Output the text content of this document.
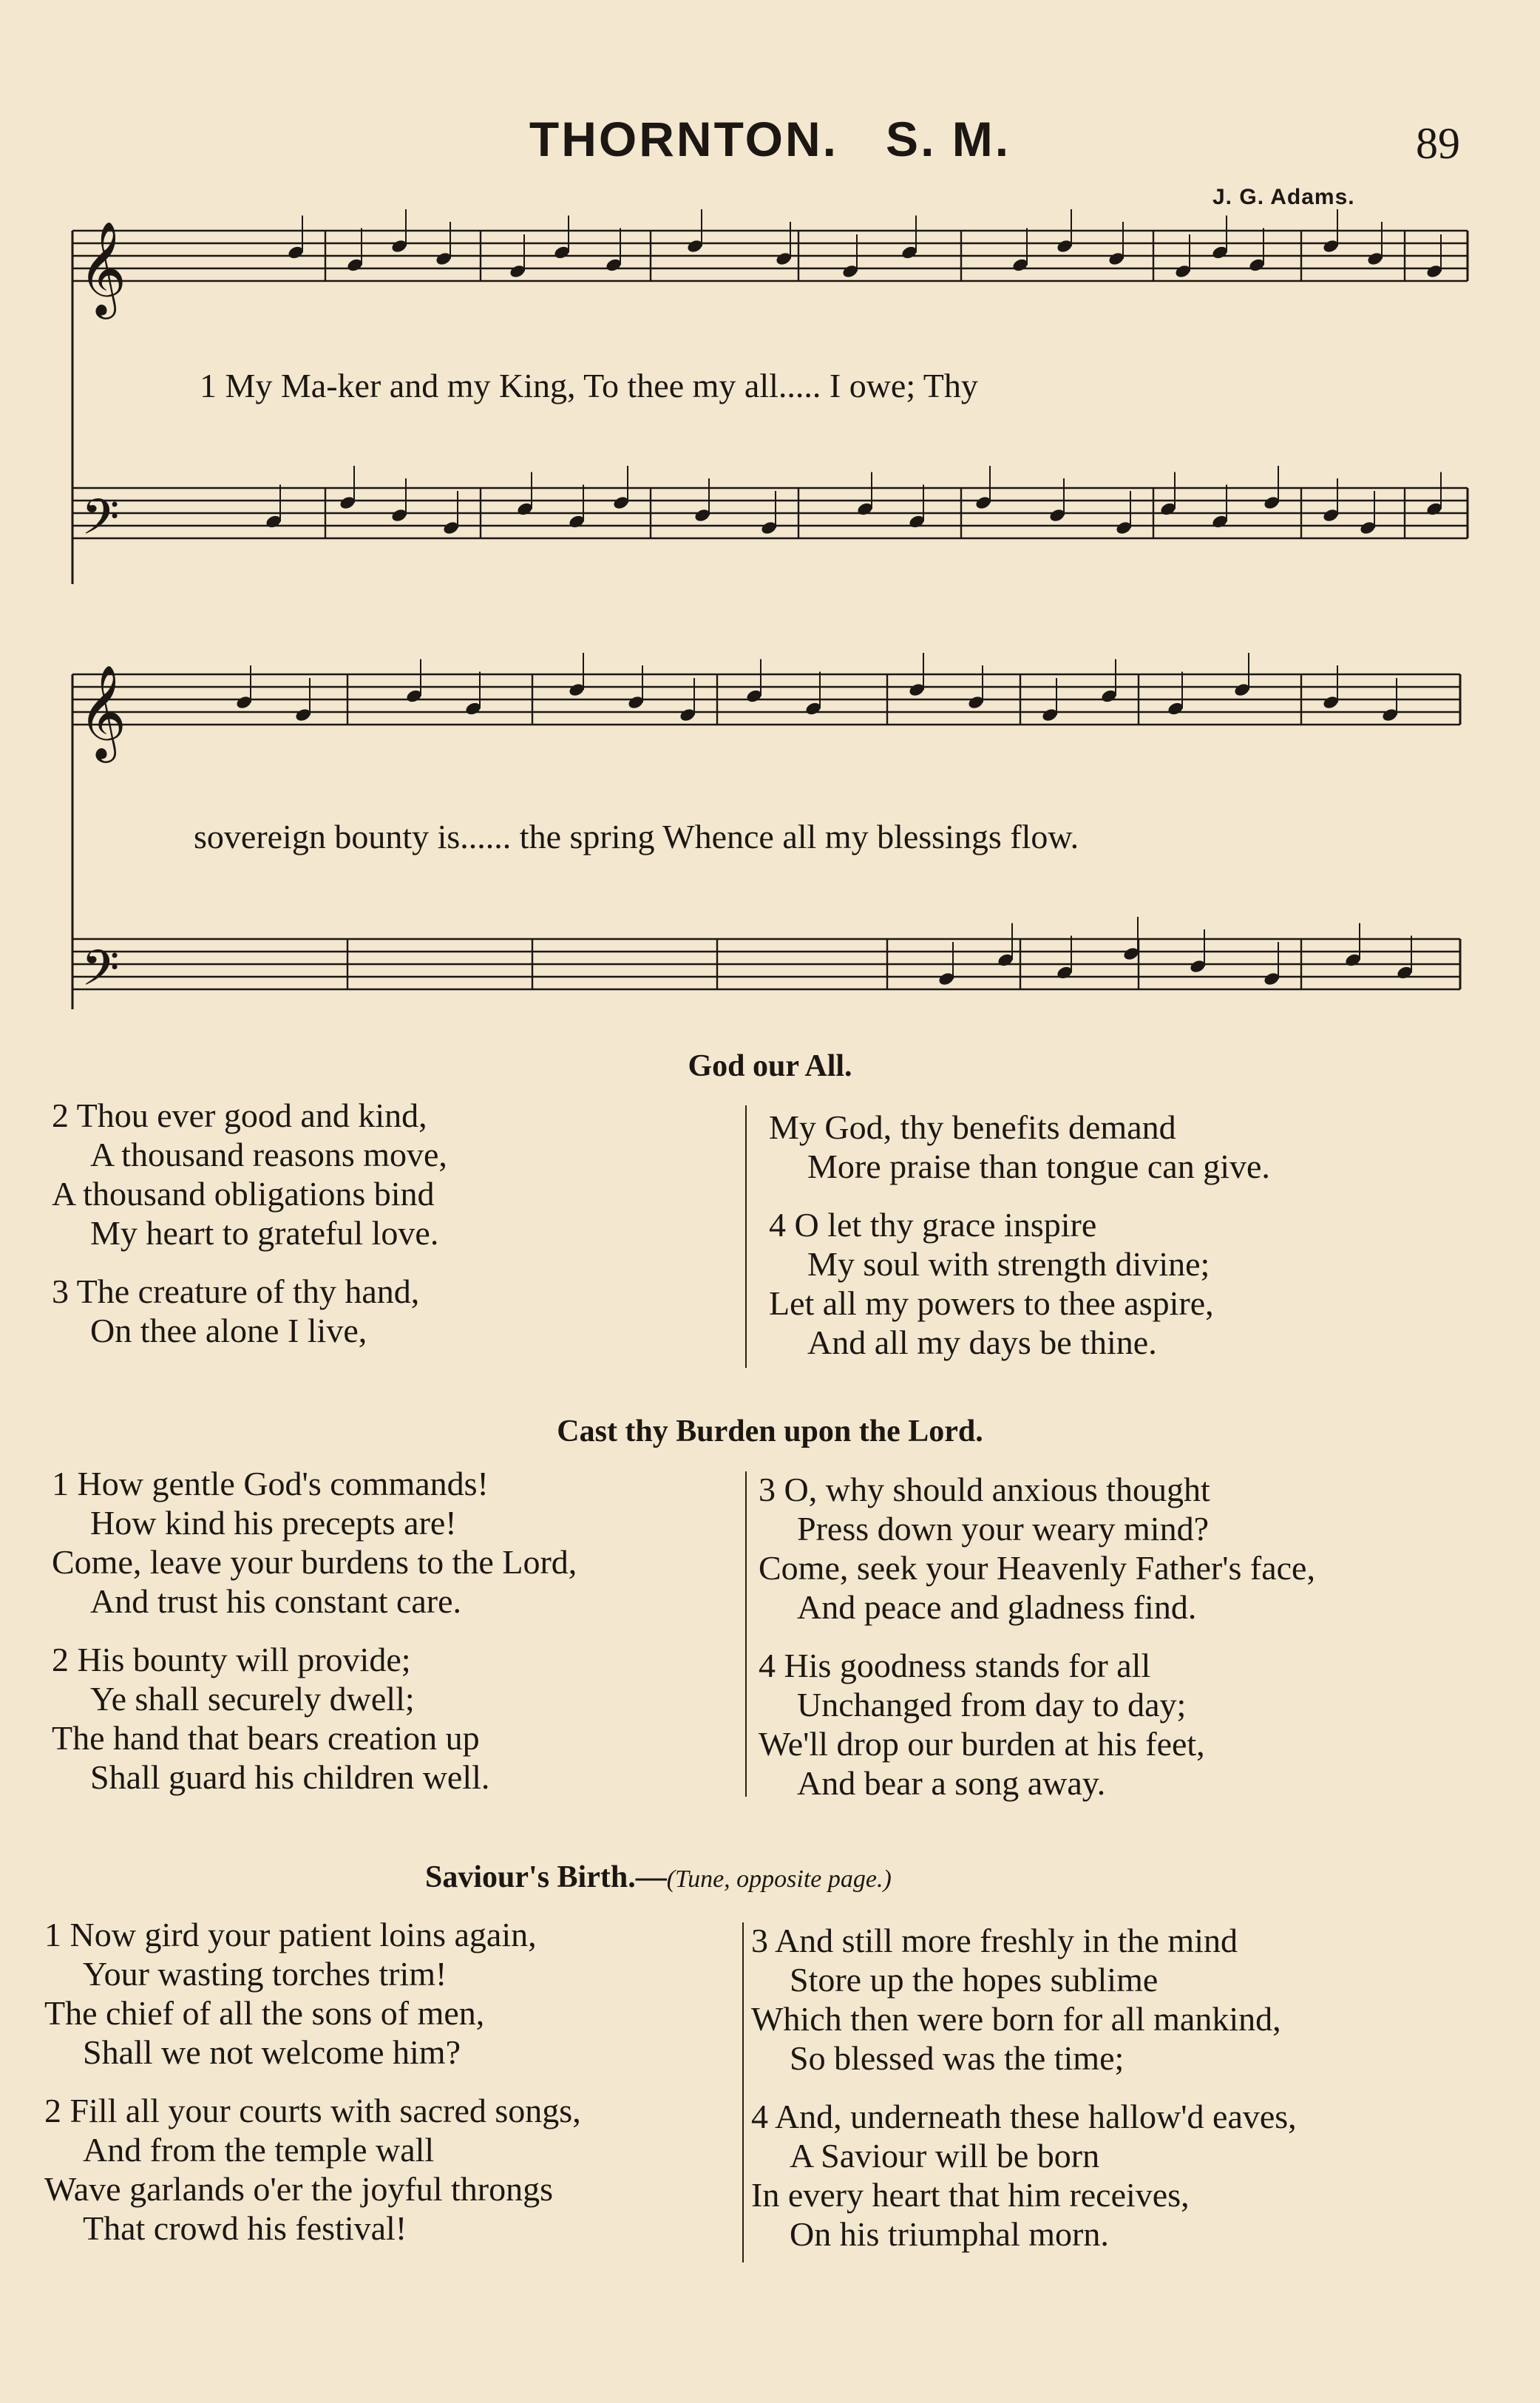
THORNTON. S. M.	89
J. G. Adams.
𝄞
𝄢
𝄞
𝄢
1 My Ma-ker and my King, To thee my all..... I owe; Thy
sovereign bounty is...... the spring Whence all my blessings flow.
God our All.
2 Thou ever good and kind,
A thousand reasons move,
A thousand obligations bind
My heart to grateful love.
3 The creature of thy hand,
On thee alone I live,
My God, thy benefits demand
More praise than tongue can give.
4 O let thy grace inspire
My soul with strength divine;
Let all my powers to thee aspire,
And all my days be thine.
Cast thy Burden upon the Lord.
1 How gentle God's commands!
How kind his precepts are!
Come, leave your burdens to the Lord,
And trust his constant care.
2 His bounty will provide;
Ye shall securely dwell;
The hand that bears creation up
Shall guard his children well.
3 O, why should anxious thought
Press down your weary mind?
Come, seek your Heavenly Father's face,
And peace and gladness find.
4 His goodness stands for all
Unchanged from day to day;
We'll drop our burden at his feet,
And bear a song away.
Saviour's Birth.—(Tune, opposite page.)
1 Now gird your patient loins again,
Your wasting torches trim!
The chief of all the sons of men,
Shall we not welcome him?
2 Fill all your courts with sacred songs,
And from the temple wall
Wave garlands o'er the joyful throngs
That crowd his festival!
3 And still more freshly in the mind
Store up the hopes sublime
Which then were born for all mankind,
So blessed was the time;
4 And, underneath these hallow'd eaves,
A Saviour will be born
In every heart that him receives,
On his triumphal morn.
